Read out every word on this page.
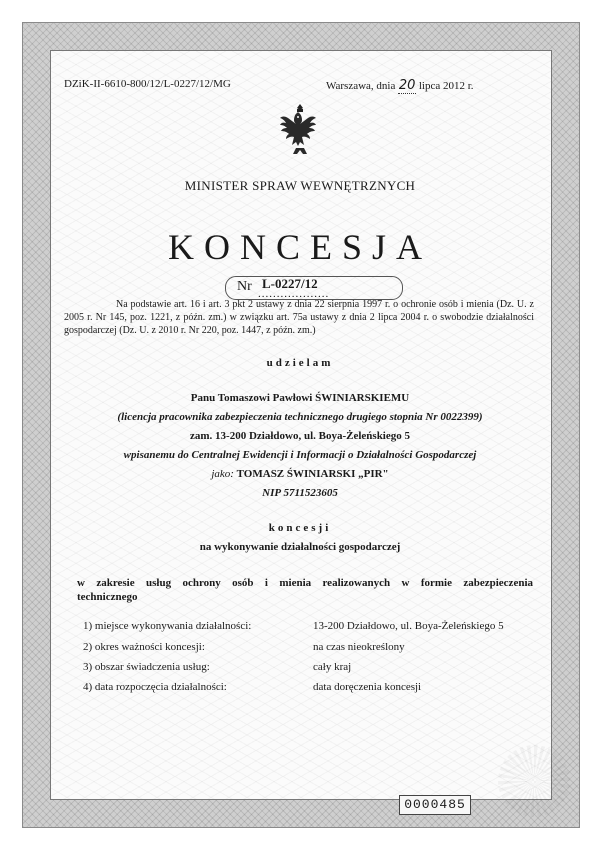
DZiK-II-6610-800/12/L-0227/12/MG	Warszawa, dnia 20 lipca 2012 r.
MINISTER SPRAW WEWNĘTRZNYCH
KONCESJA
Nr L-0227/12
...................
Na podstawie art. 16 i art. 3 pkt 2 ustawy z dnia 22 sierpnia 1997 r. o ochronie osób i mienia (Dz. U. z 2005 r. Nr 145, poz. 1221, z późn. zm.) w związku art. 75a ustawy z dnia 2 lipca 2004 r. o swobodzie działalności gospodarczej (Dz. U. z 2010 r. Nr 220, poz. 1447, z późn. zm.)
udzielam
Panu Tomaszowi Pawłowi ŚWINIARSKIEMU
(licencja pracownika zabezpieczenia technicznego drugiego stopnia Nr 0022399)
zam. 13-200 Działdowo, ul. Boya-Żeleńskiego 5
wpisanemu do Centralnej Ewidencji i Informacji o Działalności Gospodarczej
jako: TOMASZ ŚWINIARSKI „PIR"
NIP 5711523605
koncesji
na wykonywanie działalności gospodarczej
w zakresie usług ochrony osób i mienia realizowanych w formie zabezpieczenia technicznego
1) miejsce wykonywania działalności:	13-200 Działdowo, ul. Boya-Żeleńskiego 5
2) okres ważności koncesji:	na czas nieokreślony
3) obszar świadczenia usług:	cały kraj
4) data rozpoczęcia działalności:	data doręczenia koncesji
0000485
